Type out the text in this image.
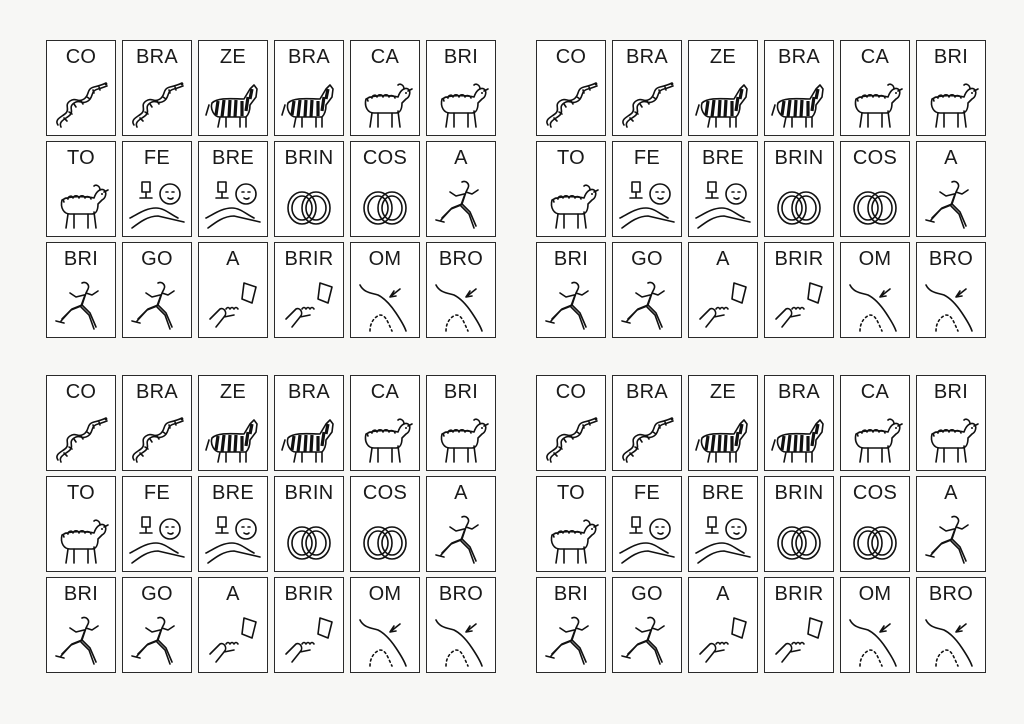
CO	BRA	ZE	BRA	CA	BRI
TO	FE	BRE	BRIN	COS	A
BRI	GO	A	BRIR	OM	BRO
CO	BRA	ZE	BRA	CA	BRI
TO	FE	BRE	BRIN	COS	A
BRI	GO	A	BRIR	OM	BRO
CO	BRA	ZE	BRA	CA	BRI
TO	FE	BRE	BRIN	COS	A
BRI	GO	A	BRIR	OM	BRO
CO	BRA	ZE	BRA	CA	BRI
TO	FE	BRE	BRIN	COS	A
BRI	GO	A	BRIR	OM	BRO
